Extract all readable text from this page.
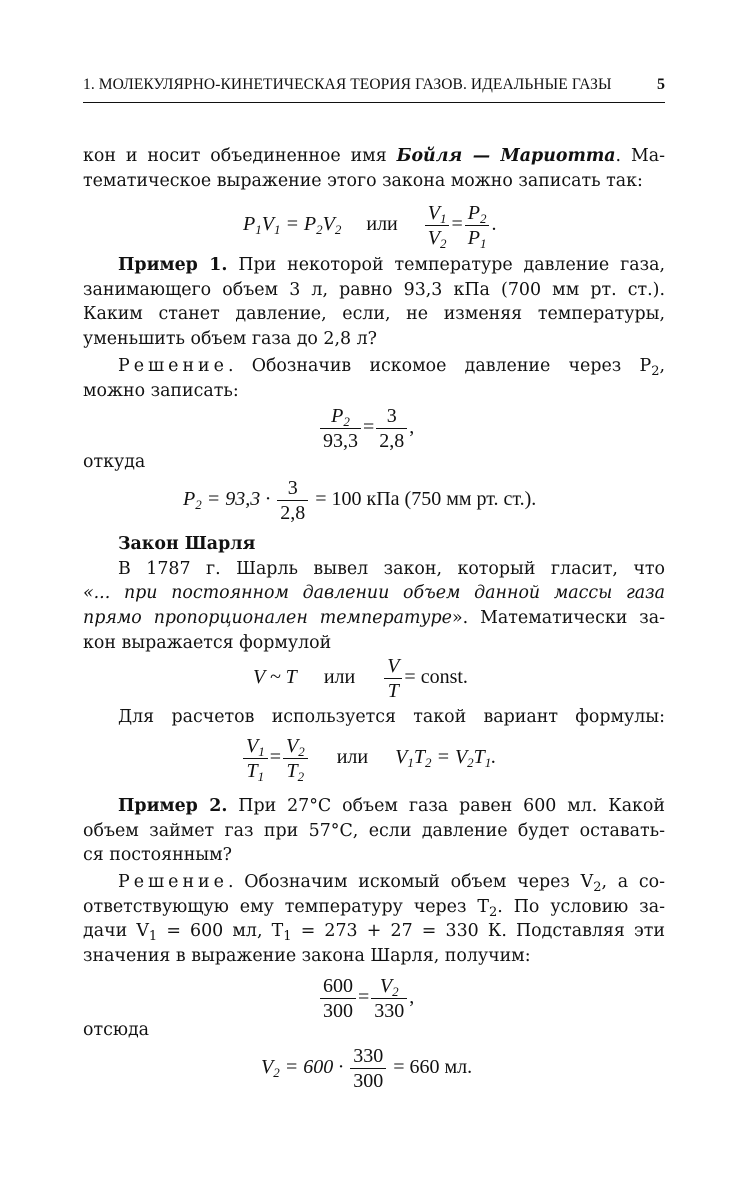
1. МОЛЕКУЛЯРНО-КИНЕТИЧЕСКАЯ ТЕОРИЯ ГАЗОВ. ИДЕАЛЬНЫЕ ГАЗЫ	5
кон и носит объединенное имя Бойля — Мариотта. Ма-
тематическое выражение этого закона можно записать так:
$P_1V_1 = P_2V_2$ или $\frac{V_1}{V_2} = \frac{P_2}{P_1}$ .
Пример 1. При некоторой температуре давление газа,
занимающего объем 3 л, равно 93,3 кПа (700 мм рт. ст.).
Каким станет давление, если, не изменяя температуры,
уменьшить объем газа до 2,8 л?
Решение. Обозначив искомое давление через $P_2$,
можно записать:
$\frac{P_2}{93,3} = \frac{3}{2,8}$ ,
откуда
$P_2 = 93,3 \cdot \frac{3}{2,8} = 100$ кПа (750 мм рт. ст.).
Закон Шарля
В 1787 г. Шарль вывел закон, который гласит, что
«... при постоянном давлении объем данной массы газа
прямо пропорционален температуре». Математически за-
кон выражается формулой
V ~ T или $\frac{V}{T}$ = const.
Для расчетов используется такой вариант формулы:
$\frac{V_1}{T_1} = \frac{V_2}{T_2}$ или $V_1T_2 = V_2T_1$.
Пример 2. При 27°С объем газа равен 600 мл. Какой
объем займет газ при 57°С, если давление будет оставать-
ся постоянным?
Решение. Обозначим искомый объем через $V_2$, а со-
ответствующую ему температуру через $T_2$. По условию за-
дачи $V_1 = 600$ мл, $T_1 = 273 + 27 = 330$ К. Подставляя эти
значения в выражение закона Шарля, получим:
$\frac{600}{300} = \frac{V_2}{330}$ ,
отсюда
$V_2 = 600 \cdot \frac{330}{300} = 660$ мл.
